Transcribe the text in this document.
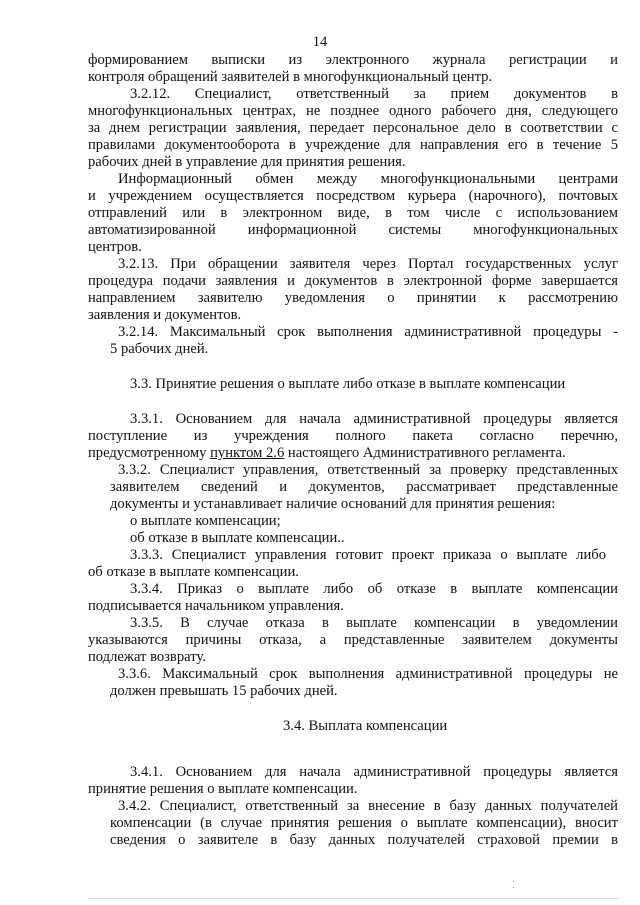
14
формированием выписки из электронного журнала регистрации и
контроля обращений заявителей в многофункциональный центр.
3.2.12. Специалист, ответственный за прием документов в
многофункциональных центрах, не позднее одного рабочего дня, следующего
за днем регистрации заявления, передает персональное дело в соответствии с
правилами документооборота в учреждение для направления его в течение 5
рабочих дней в управление для принятия решения.
Информационный обмен между многофункциональными центрами
и учреждением осуществляется посредством курьера (нарочного), почтовых
отправлений или в электронном виде, в том числе с использованием
автоматизированной информационной системы многофункциональных
центров.
3.2.13. При обращении заявителя через Портал государственных услуг
процедура подачи заявления и документов в электронной форме завершается
направлением заявителю уведомления о принятии к рассмотрению
заявления и документов.
3.2.14. Максимальный срок выполнения административной процедуры -
5 рабочих дней.
3.3. Принятие решения о выплате либо отказе в выплате компенсации
3.3.1. Основанием для начала административной процедуры является
поступление из учреждения полного пакета согласно перечню,
предусмотренному пунктом 2.6 настоящего Административного регламента.
3.3.2. Специалист управления, ответственный за проверку представленных
заявителем сведений и документов, рассматривает представленные
документы и устанавливает наличие оснований для принятия решения:
о выплате компенсации;
об отказе в выплате компенсации..
3.3.3. Специалист управления готовит проект приказа о выплате либо
об отказе в выплате компенсации.
3.3.4. Приказ о выплате либо об отказе в выплате компенсации
подписывается начальником управления.
3.3.5. В случае отказа в выплате компенсации в уведомлении
указываются причины отказа, а представленные заявителем документы
подлежат возврату.
3.3.6. Максимальный срок выполнения административной процедуры не
должен превышать 15 рабочих дней.
3.4. Выплата компенсации
3.4.1. Основанием для начала административной процедуры является
принятие решения о выплате компенсации.
3.4.2. Специалист, ответственный за внесение в базу данных получателей
компенсации (в случае принятия решения о выплате компенсации), вносит
сведения о заявителе в базу данных получателей страховой премии в
⁚
